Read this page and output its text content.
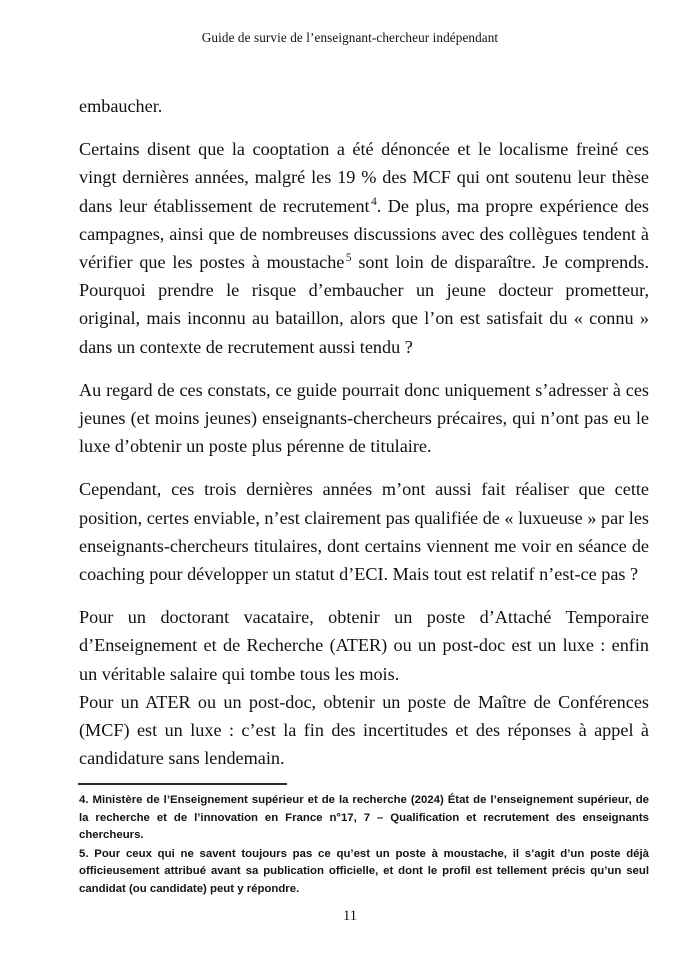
Guide de survie de l’enseignant-chercheur indépendant

embaucher.

Certains disent que la cooptation a été dénoncée et le localisme freiné ces vingt dernières années, malgré les 19 % des MCF qui ont soutenu leur thèse dans leur établissement de recrutement $^4$. De plus, ma propre expérience des campagnes, ainsi que de nombreuses discussions avec des collègues tendent à vérifier que les postes à moustache $^5$ sont loin de disparaître. Je comprends. Pourquoi prendre le risque d’embaucher un jeune docteur prometteur, original, mais inconnu au bataillon, alors que l’on est satisfait du « connu » dans un contexte de recrutement aussi tendu ?

Au regard de ces constats, ce guide pourrait donc uniquement s’adresser à ces jeunes (et moins jeunes) enseignants-chercheurs précaires, qui n’ont pas eu le luxe d’obtenir un poste plus pérenne de titulaire.

Cependant, ces trois dernières années m’ont aussi fait réaliser que cette position, certes enviable, n’est clairement pas qualifiée de « luxueuse » par les enseignants-chercheurs titulaires, dont certains viennent me voir en séance de coaching pour développer un statut d’ECI. Mais tout est relatif n’est-ce pas ?

Pour un doctorant vacataire, obtenir un poste d’Attaché Temporaire d’Enseignement et de Recherche (ATER) ou un post-doc est un luxe : enfin un véritable salaire qui tombe tous les mois.

Pour un ATER ou un post-doc, obtenir un poste de Maître de Conférences (MCF) est un luxe : c’est la fin des incertitudes et des réponses à appel à candidature sans lendemain.

4. Ministère de l’Enseignement supérieur et de la recherche (2024) État de l’enseignement supérieur, de la recherche et de l’innovation en France n°17, 7 – Qualification et recrutement des enseignants chercheurs.

5. Pour ceux qui ne savent toujours pas ce qu’est un poste à moustache, il s’agit d’un poste déjà officieusement attribué avant sa publication officielle, et dont le profil est tellement précis qu’un seul candidat (ou candidate) peut y répondre.

11
